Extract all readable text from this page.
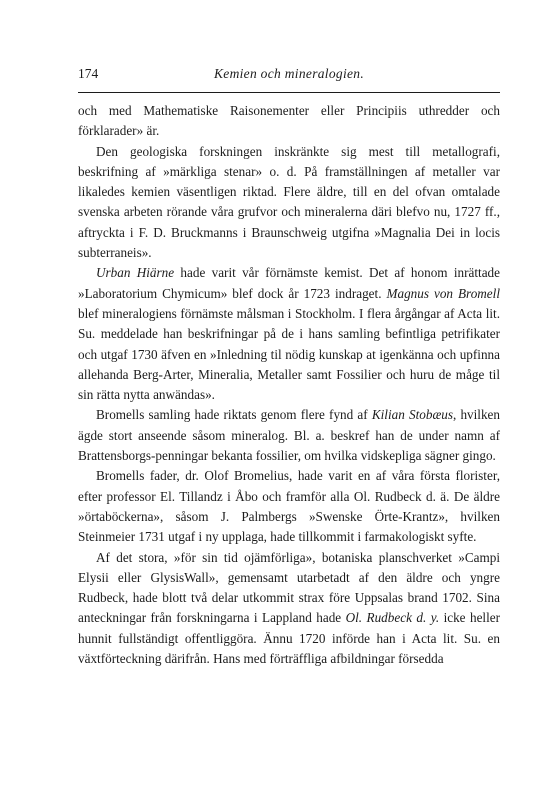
174	Kemien och mineralogien.

och med Mathematiske Raisonementer eller Principiis uthredder och förklarader» är.

Den geologiska forskningen inskränkte sig mest till metallografi, beskrifning af »märkliga stenar» o. d. På framställningen af metaller var likaledes kemien väsentligen riktad. Flere äldre, till en del ofvan omtalade svenska arbeten rörande våra grufvor och mineralerna däri blefvo nu, 1727 ff., aftryckta i F. D. Bruckmanns i Braunschweig utgifna »Magnalia Dei in locis subterraneis».

Urban Hiärne hade varit vår förnämste kemist. Det af honom inrättade »Laboratorium Chymicum» blef dock år 1723 indraget. Magnus von Bromell blef mineralogiens förnämste målsman i Stockholm. I flera årgångar af Acta lit. Su. meddelade han beskrifningar på de i hans samling befintliga petrifikater och utgaf 1730 äfven en »Inledning til nödig kunskap at igenkänna och upfinna allehanda Berg-Arter, Mineralia, Metaller samt Fossilier och huru de måge til sin rätta nytta anwändas».

Bromells samling hade riktats genom flere fynd af Kilian Stobæus, hvilken ägde stort anseende såsom mineralog. Bl. a. beskref han de under namn af Brattensborgs-penningar bekanta fossilier, om hvilka vidskepliga sägner gingo.

Bromells fader, dr. Olof Bromelius, hade varit en af våra första florister, efter professor El. Tillandz i Åbo och framför alla Ol. Rudbeck d. ä. De äldre »örtaböckerna», såsom J. Palmbergs »Swenske Örte-Krantz», hvilken Steinmeier 1731 utgaf i ny upplaga, hade tillkommit i farmakologiskt syfte.

Af det stora, »för sin tid ojämförliga», botaniska planschverket »Campi Elysii eller GlysisWall», gemensamt utarbetadt af den äldre och yngre Rudbeck, hade blott två delar utkommit strax före Uppsalas brand 1702. Sina anteckningar från forskningarna i Lappland hade Ol. Rudbeck d. y. icke heller hunnit fullständigt offentliggöra. Ännu 1720 införde han i Acta lit. Su. en växtförteckning därifrån. Hans med förträffliga afbildningar försedda
